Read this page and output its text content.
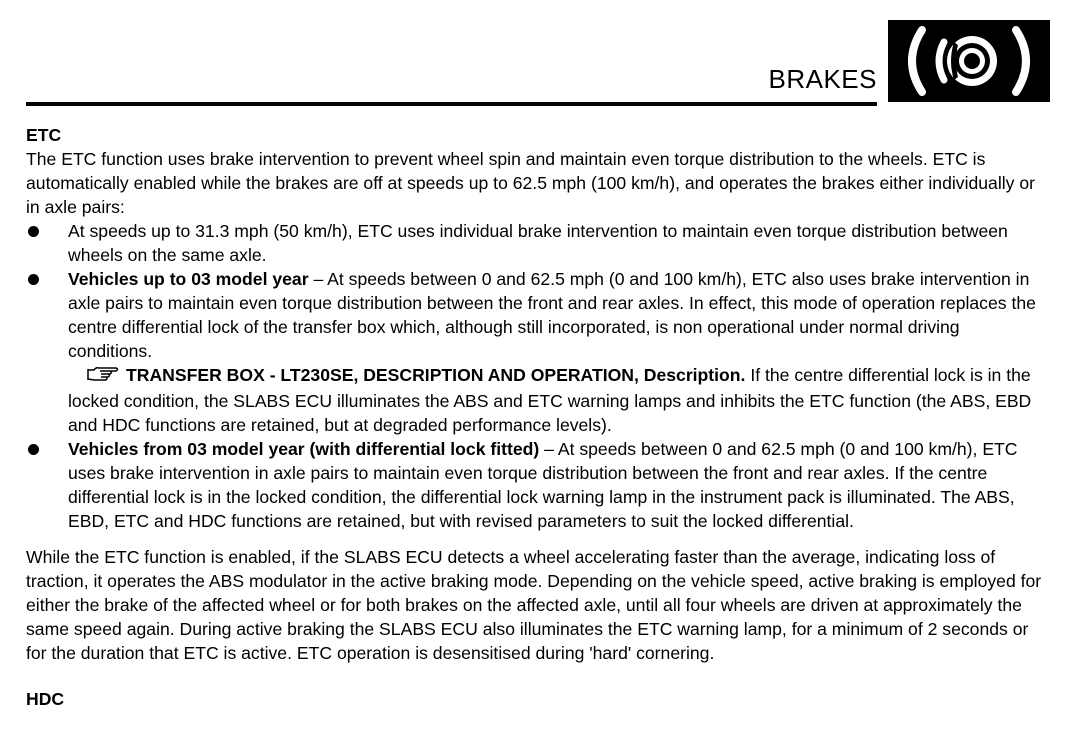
BRAKES
ETC

The ETC function uses brake intervention to prevent wheel spin and maintain even torque distribution to the wheels. ETC is automatically enabled while the brakes are off at speeds up to 62.5 mph (100 km/h), and operates the brakes either individually or in axle pairs:

At speeds up to 31.3 mph (50 km/h), ETC uses individual brake intervention to maintain even torque distribution between wheels on the same axle.
Vehicles up to 03 model year – At speeds between 0 and 62.5 mph (0 and 100 km/h), ETC also uses brake intervention in axle pairs to maintain even torque distribution between the front and rear axles. In effect, this mode of operation replaces the centre differential lock of the transfer box which, although still incorporated, is non operational under normal driving conditions.
TRANSFER BOX - LT230SE, DESCRIPTION AND OPERATION, Description. If the centre differential lock is in the locked condition, the SLABS ECU illuminates the ABS and ETC warning lamps and inhibits the ETC function (the ABS, EBD and HDC functions are retained, but at degraded performance levels).
Vehicles from 03 model year (with differential lock fitted) – At speeds between 0 and 62.5 mph (0 and 100 km/h), ETC uses brake intervention in axle pairs to maintain even torque distribution between the front and rear axles. If the centre differential lock is in the locked condition, the differential lock warning lamp in the instrument pack is illuminated. The ABS, EBD, ETC and HDC functions are retained, but with revised parameters to suit the locked differential.

While the ETC function is enabled, if the SLABS ECU detects a wheel accelerating faster than the average, indicating loss of traction, it operates the ABS modulator in the active braking mode. Depending on the vehicle speed, active braking is employed for either the brake of the affected wheel or for both brakes on the affected axle, until all four wheels are driven at approximately the same speed again. During active braking the SLABS ECU also illuminates the ETC warning lamp, for a minimum of 2 seconds or for the duration that ETC is active. ETC operation is desensitised during 'hard' cornering.

HDC
